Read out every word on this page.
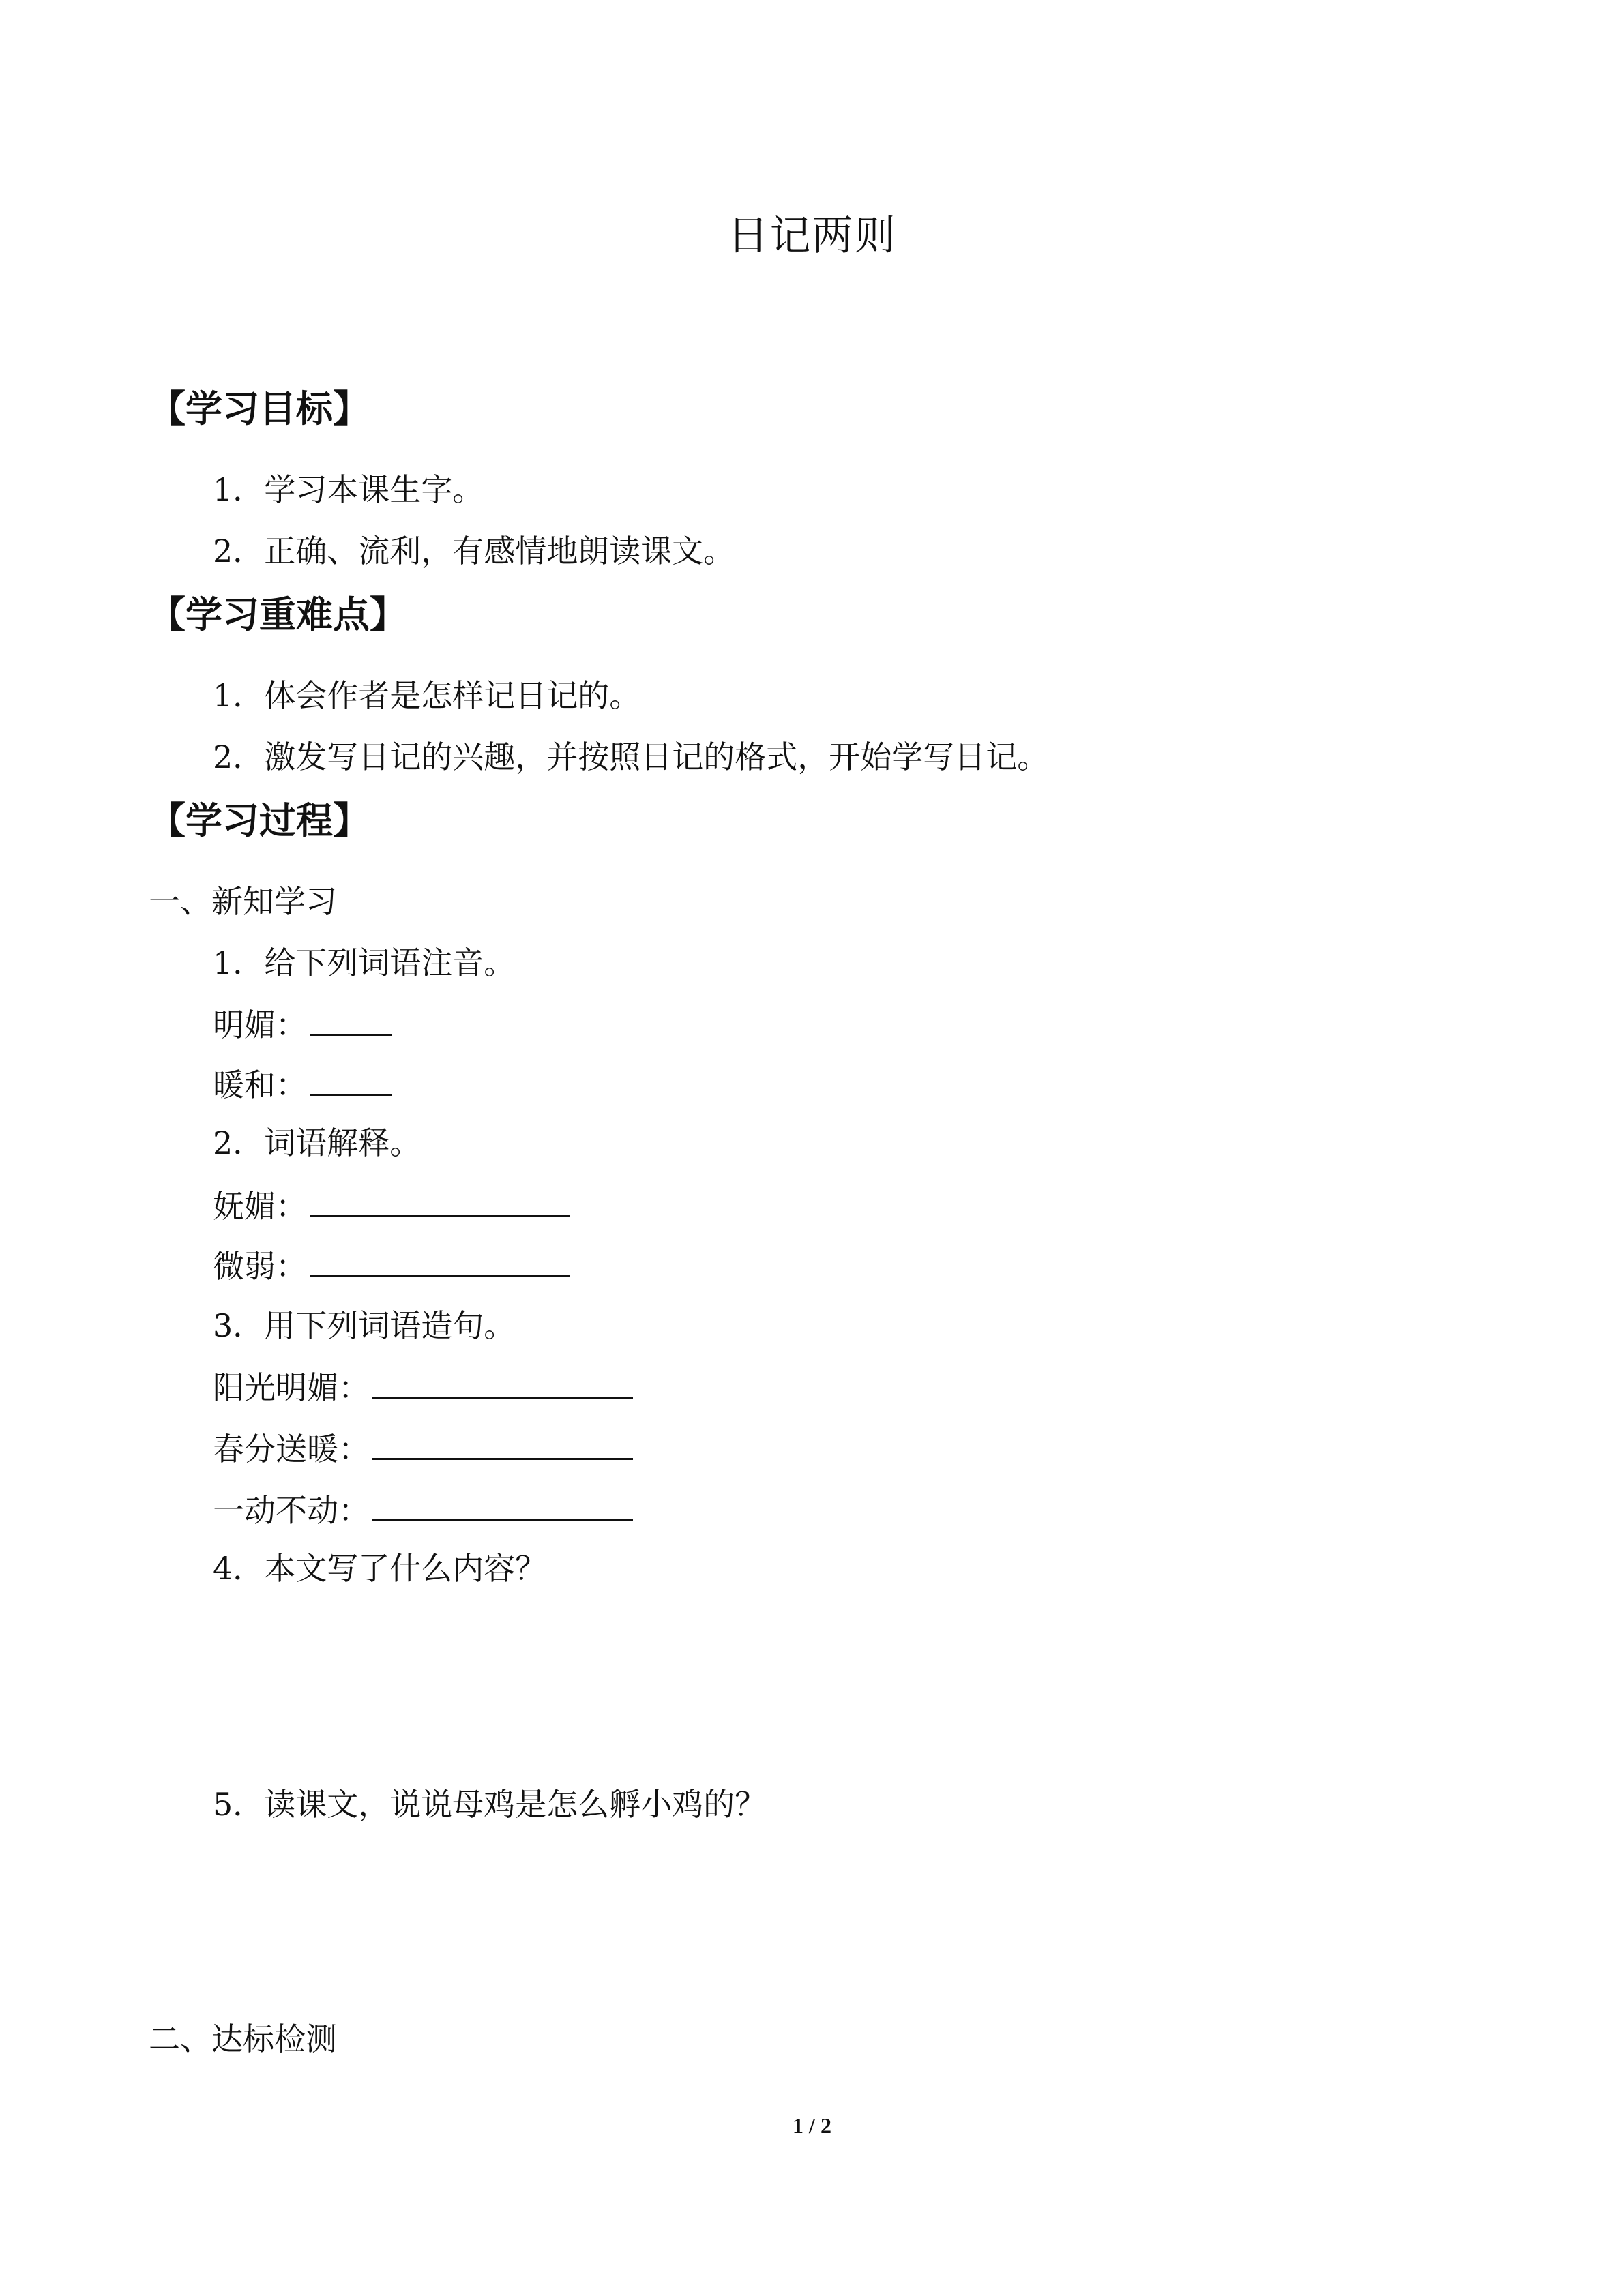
日记两则
【学习目标】
1．学习本课生字。
2．正确、流利，有感情地朗读课文。
【学习重难点】
1．体会作者是怎样记日记的。
2．激发写日记的兴趣，并按照日记的格式，开始学写日记。
【学习过程】
一、新知学习
1．给下列词语注音。
明媚：
暖和：
2．词语解释。
妩媚：
微弱：
3．用下列词语造句。
阳光明媚：
春分送暖：
一动不动：
4．本文写了什么内容？
5．读课文，说说母鸡是怎么孵小鸡的？
二、达标检测
1 / 2
